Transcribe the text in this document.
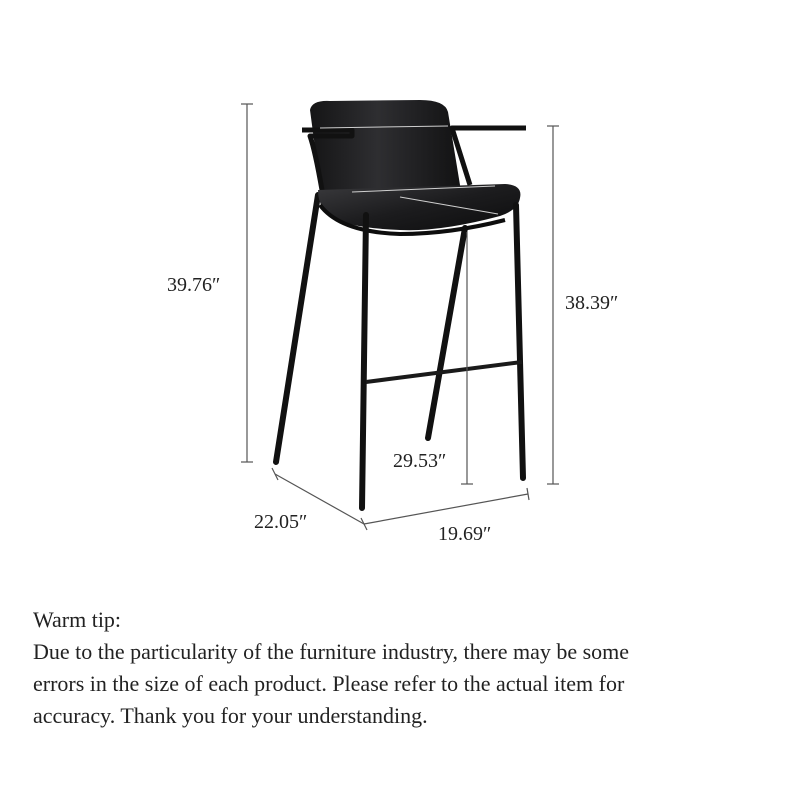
39.76″
38.39″
29.53″
22.05″
19.69″

Warm tip:

Due to the particularity of the furniture industry, there may be some

errors in the size of each product. Please refer to the actual item for

accuracy. Thank you for your understanding.
